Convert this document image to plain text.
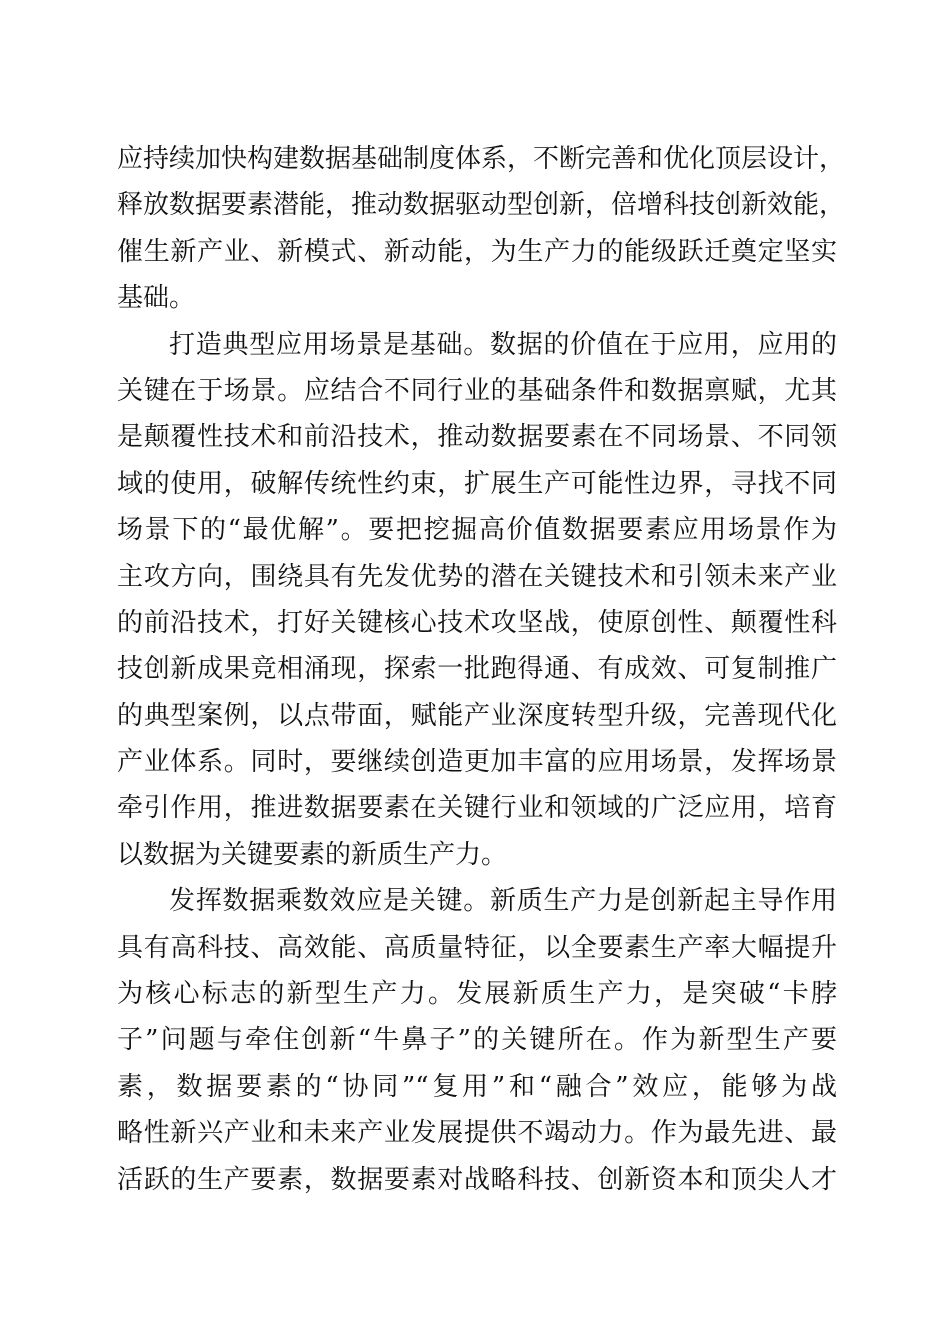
应持续加快构建数据基础制度体系，不断完善和优化顶层设计，
释放数据要素潜能，推动数据驱动型创新，倍增科技创新效能，
催生新产业、新模式、新动能，为生产力的能级跃迁奠定坚实
基础。
打造典型应用场景是基础。数据的价值在于应用，应用的
关键在于场景。应结合不同行业的基础条件和数据禀赋，尤其
是颠覆性技术和前沿技术，推动数据要素在不同场景、不同领
域的使用，破解传统性约束，扩展生产可能性边界，寻找不同
场景下的“最优解”。要把挖掘高价值数据要素应用场景作为
主攻方向，围绕具有先发优势的潜在关键技术和引领未来产业
的前沿技术，打好关键核心技术攻坚战，使原创性、颠覆性科
技创新成果竞相涌现，探索一批跑得通、有成效、可复制推广
的典型案例，以点带面，赋能产业深度转型升级，完善现代化
产业体系。同时，要继续创造更加丰富的应用场景，发挥场景
牵引作用，推进数据要素在关键行业和领域的广泛应用，培育
以数据为关键要素的新质生产力。
发挥数据乘数效应是关键。新质生产力是创新起主导作用
具有高科技、高效能、高质量特征，以全要素生产率大幅提升
为核心标志的新型生产力。发展新质生产力，是突破“卡脖
子”问题与牵住创新“牛鼻子”的关键所在。作为新型生产要
素，数据要素的“协同”“复用”和“融合”效应，能够为战
略性新兴产业和未来产业发展提供不竭动力。作为最先进、最
活跃的生产要素，数据要素对战略科技、创新资本和顶尖人才
